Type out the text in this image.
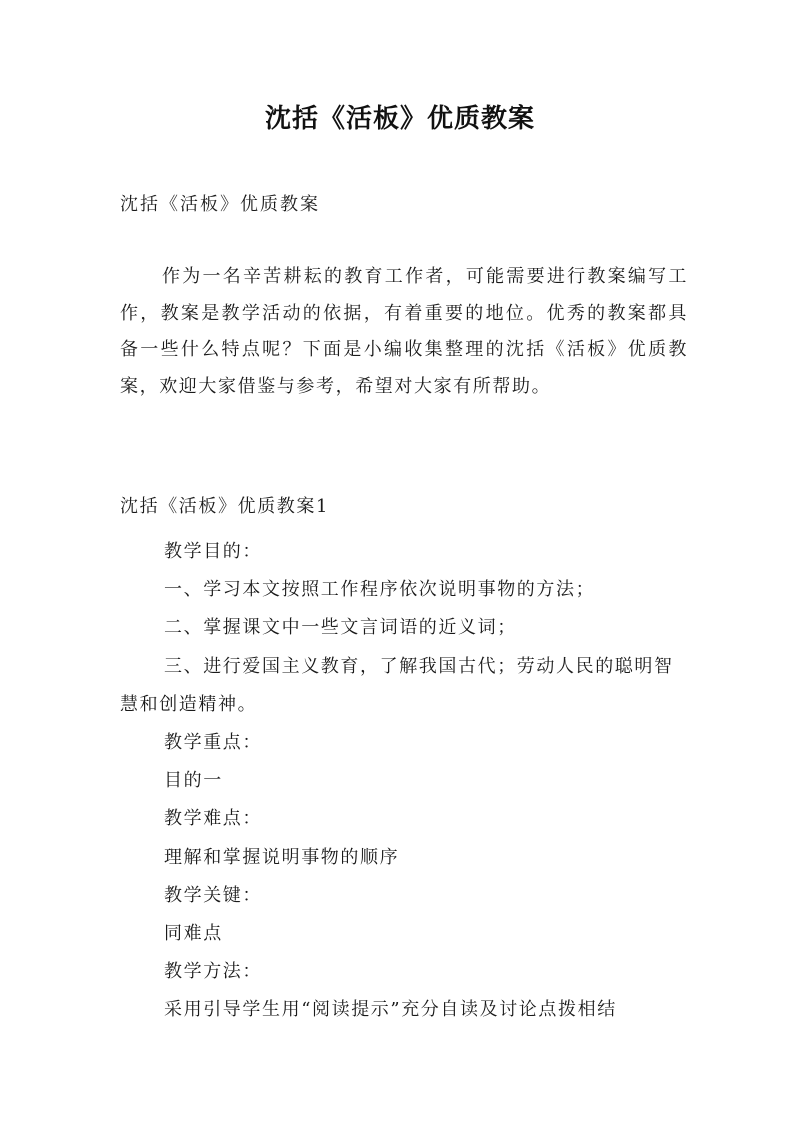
沈括《活板》优质教案
沈括《活板》优质教案

作为一名辛苦耕耘的教育工作者，可能需要进行教案编写工作，教案是教学活动的依据，有着重要的地位。优秀的教案都具备一些什么特点呢？下面是小编收集整理的沈括《活板》优质教案，欢迎大家借鉴与参考，希望对大家有所帮助。

沈括《活板》优质教案1

教学目的：

一、学习本文按照工作程序依次说明事物的方法；

二、掌握课文中一些文言词语的近义词；

三、进行爱国主义教育，了解我国古代；劳动人民的聪明智慧和创造精神。

教学重点：

目的一

教学难点：

理解和掌握说明事物的顺序

教学关键：

同难点

教学方法：

采用引导学生用“阅读提示”充分自读及讨论点拨相结
